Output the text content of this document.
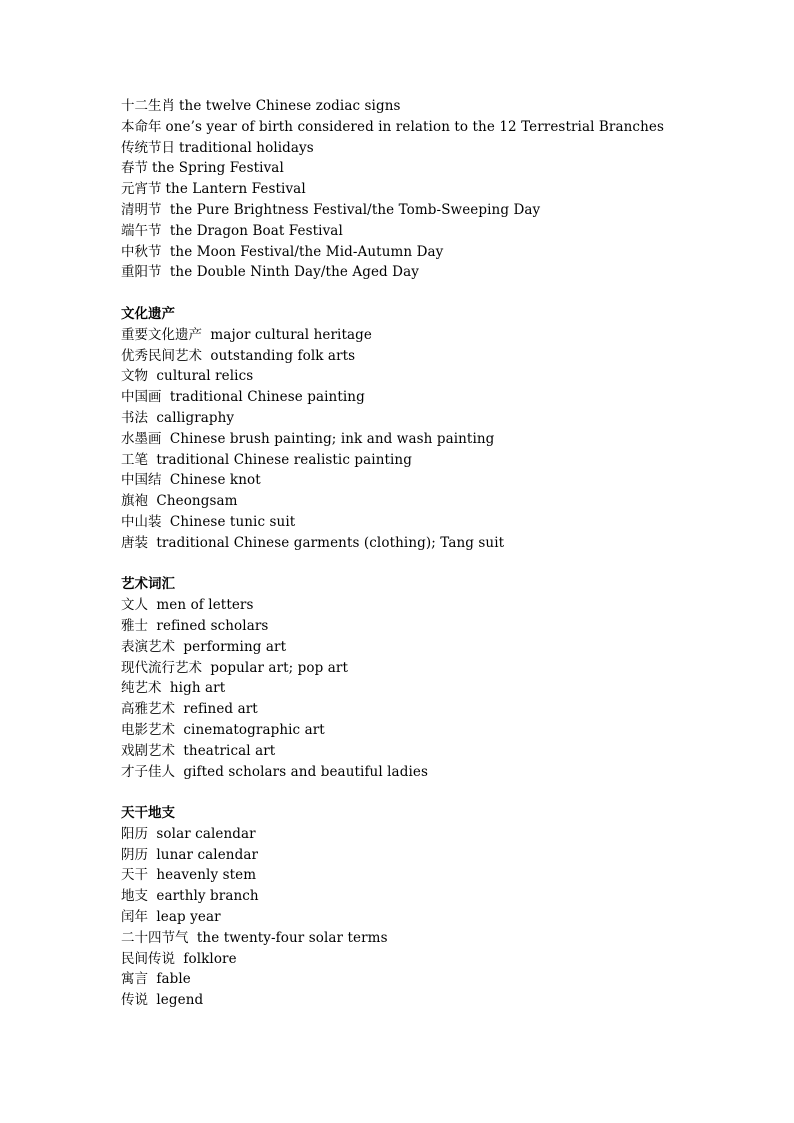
十二生肖 the twelve Chinese zodiac signs
本命年 one’s year of birth considered in relation to the 12 Terrestrial Branches
传统节日 traditional holidays
春节 the Spring Festival
元宵节 the Lantern Festival
清明节 the Pure Brightness Festival/the Tomb-Sweeping Day
端午节 the Dragon Boat Festival
中秋节 the Moon Festival/the Mid-Autumn Day
重阳节 the Double Ninth Day/the Aged Day
文化遗产
重要文化遗产 major cultural heritage
优秀民间艺术 outstanding folk arts
文物 cultural relics
中国画 traditional Chinese painting
书法 calligraphy
水墨画 Chinese brush painting; ink and wash painting
工笔 traditional Chinese realistic painting
中国结 Chinese knot
旗袍 Cheongsam
中山装 Chinese tunic suit
唐装 traditional Chinese garments (clothing); Tang suit
艺术词汇
文人 men of letters
雅士 refined scholars
表演艺术 performing art
现代流行艺术 popular art; pop art
纯艺术 high art
高雅艺术 refined art
电影艺术 cinematographic art
戏剧艺术 theatrical art
才子佳人 gifted scholars and beautiful ladies
天干地支
阳历 solar calendar
阴历 lunar calendar
天干 heavenly stem
地支 earthly branch
闰年 leap year
二十四节气 the twenty-four solar terms
民间传说 folklore
寓言 fable
传说 legend
